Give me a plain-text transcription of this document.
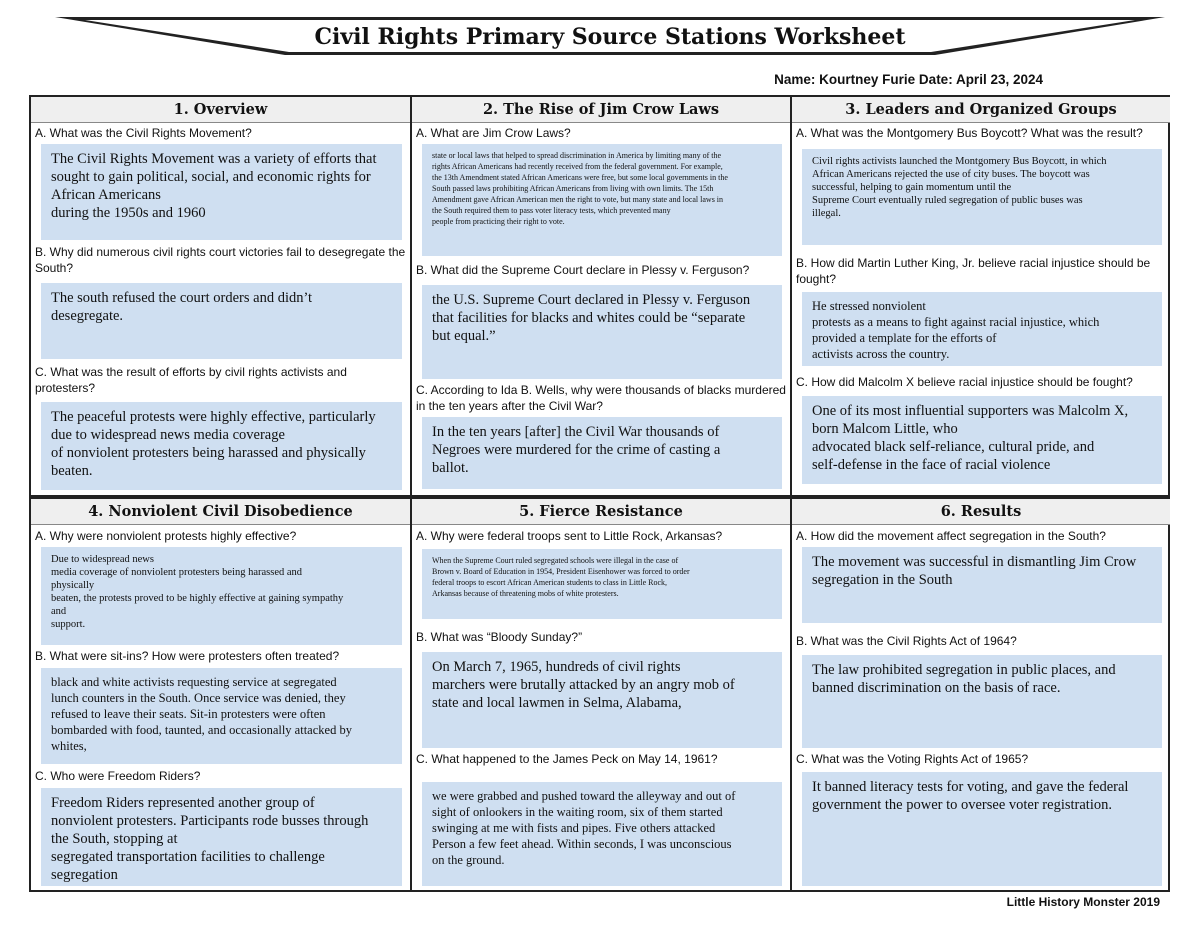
Civil Rights Primary Source Stations Worksheet
Name: Kourtney Furie Date: April 23, 2024
1. Overview
A. What was the Civil Rights Movement?

The Civil Rights Movement was a variety of efforts that
sought to gain political, social, and economic rights for
African Americans
during the 1950s and 1960

B. Why did numerous civil rights court victories fail to desegregate the South?

The south refused the court orders and didn’t
desegregate.

C. What was the result of efforts by civil rights activists and protesters?

The peaceful protests were highly effective, particularly
due to widespread news media coverage
of nonviolent protesters being harassed and physically
beaten.

2. The Rise of Jim Crow Laws
A. What are Jim Crow Laws?

state or local laws that helped to spread discrimination in America by limiting many of the
rights African Americans had recently received from the federal government. For example,
the 13th Amendment stated African Americans were free, but some local governments in the
South passed laws prohibiting African Americans from living with own limits. The 15th
Amendment gave African American men the right to vote, but many state and local laws in
the South required them to pass voter literacy tests, which prevented many
people from practicing their right to vote.

B. What did the Supreme Court declare in Plessy v. Ferguson?

the U.S. Supreme Court declared in Plessy v. Ferguson
that facilities for blacks and whites could be “separate
but equal.”

C. According to Ida B. Wells, why were thousands of blacks murdered in the ten years after the Civil War?

In the ten years [after] the Civil War thousands of
Negroes were murdered for the crime of casting a
ballot.

3. Leaders and Organized Groups
A. What was the Montgomery Bus Boycott? What was the result?

Civil rights activists launched the Montgomery Bus Boycott, in which
African Americans rejected the use of city buses. The boycott was
successful, helping to gain momentum until the
Supreme Court eventually ruled segregation of public buses was
illegal.

B. How did Martin Luther King, Jr. believe racial injustice should be fought?

He stressed nonviolent
protests as a means to fight against racial injustice, which
provided a template for the efforts of
activists across the country.

C. How did Malcolm X believe racial injustice should be fought?

One of its most influential supporters was Malcolm X,
born Malcom Little, who
advocated black self-reliance, cultural pride, and
self-defense in the face of racial violence

4. Nonviolent Civil Disobedience
A. Why were nonviolent protests highly effective?

Due to widespread news
media coverage of nonviolent protesters being harassed and
physically
beaten, the protests proved to be highly effective at gaining sympathy
and
support.

B. What were sit-ins? How were protesters often treated?

black and white activists requesting service at segregated
lunch counters in the South. Once service was denied, they
refused to leave their seats. Sit-in protesters were often
bombarded with food, taunted, and occasionally attacked by
whites,

C. Who were Freedom Riders?

Freedom Riders represented another group of
nonviolent protesters. Participants rode busses through
the South, stopping at
segregated transportation facilities to challenge
segregation

5. Fierce Resistance
A. Why were federal troops sent to Little Rock, Arkansas?

When the Supreme Court ruled segregated schools were illegal in the case of
Brown v. Board of Education in 1954, President Eisenhower was forced to order
federal troops to escort African American students to class in Little Rock,
Arkansas because of threatening mobs of white protesters.

B. What was “Bloody Sunday?”

On March 7, 1965, hundreds of civil rights
marchers were brutally attacked by an angry mob of
state and local lawmen in Selma, Alabama,

C. What happened to the James Peck on May 14, 1961?

we were grabbed and pushed toward the alleyway and out of
sight of onlookers in the waiting room, six of them started
swinging at me with fists and pipes. Five others attacked
Person a few feet ahead. Within seconds, I was unconscious
on the ground.

6. Results
A. How did the movement affect segregation in the South?

The movement was successful in dismantling Jim Crow
segregation in the South

B. What was the Civil Rights Act of 1964?

The law prohibited segregation in public places, and
banned discrimination on the basis of race.

C. What was the Voting Rights Act of 1965?

It banned literacy tests for voting, and gave the federal
government the power to oversee voter registration.

Little History Monster 2019
